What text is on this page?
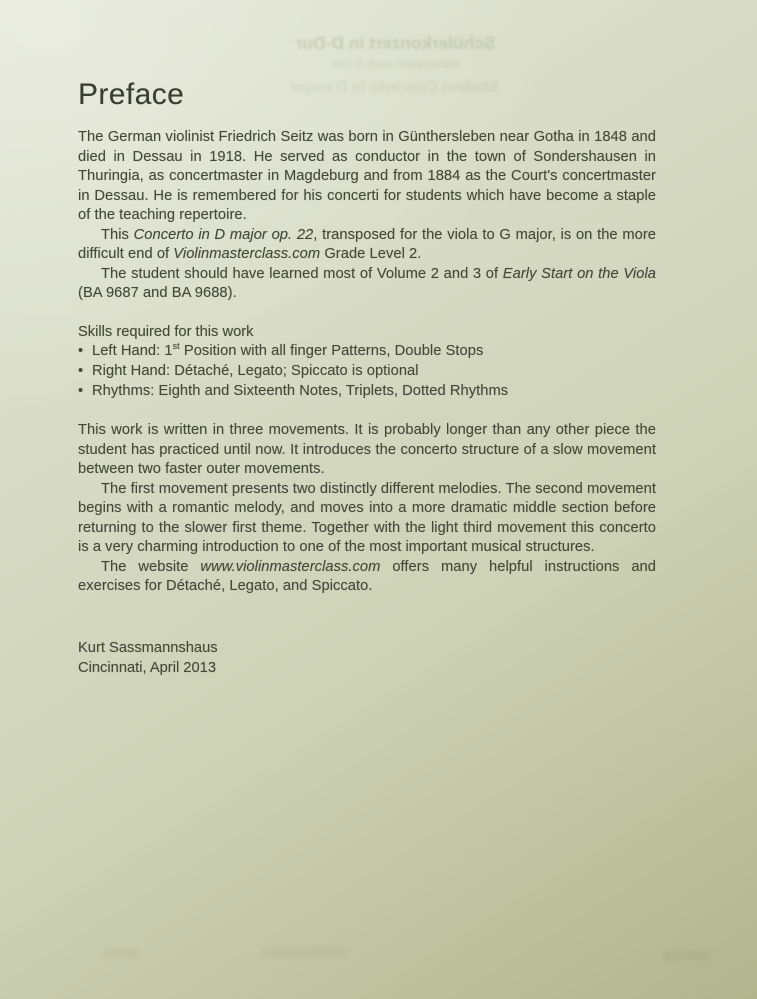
Schülerkonzert in D-Dur
transponiert nach G-Dur
Student Concerto in D major
Preface

The German violinist Friedrich Seitz was born in Günthersleben near Gotha in 1848 and died in Dessau in 1918. He served as conductor in the town of Sondershausen in Thuringia, as concertmaster in Magdeburg and from 1884 as the Court's concertmaster in Dessau. He is remembered for his concerti for students which have become a staple of the teaching repertoire.

This Concerto in D major op. 22, transposed for the viola to G major, is on the more difficult end of Violinmasterclass.com Grade Level 2.

The student should have learned most of Volume 2 and 3 of Early Start on the Viola (BA 9687 and BA 9688).

Skills required for this work

• Left Hand: 1st Position with all finger Patterns, Double Stops
• Right Hand: Détaché, Legato; Spiccato is optional
• Rhythms: Eighth and Sixteenth Notes, Triplets, Dotted Rhythms

This work is written in three movements. It is probably longer than any other piece the student has practiced until now. It introduces the concerto structure of a slow movement between two faster outer movements.

The first movement presents two distinctly different melodies. The second movement begins with a romantic melody, and moves into a more dramatic middle section before returning to the slower first theme. Together with the light third movement this concerto is a very charming introduction to one of the most important musical structures.

The website www.violinmasterclass.com offers many helpful instructions and exercises for Détaché, Legato, and Spiccato.

Kurt Sassmannshaus

Cincinnati, April 2013
